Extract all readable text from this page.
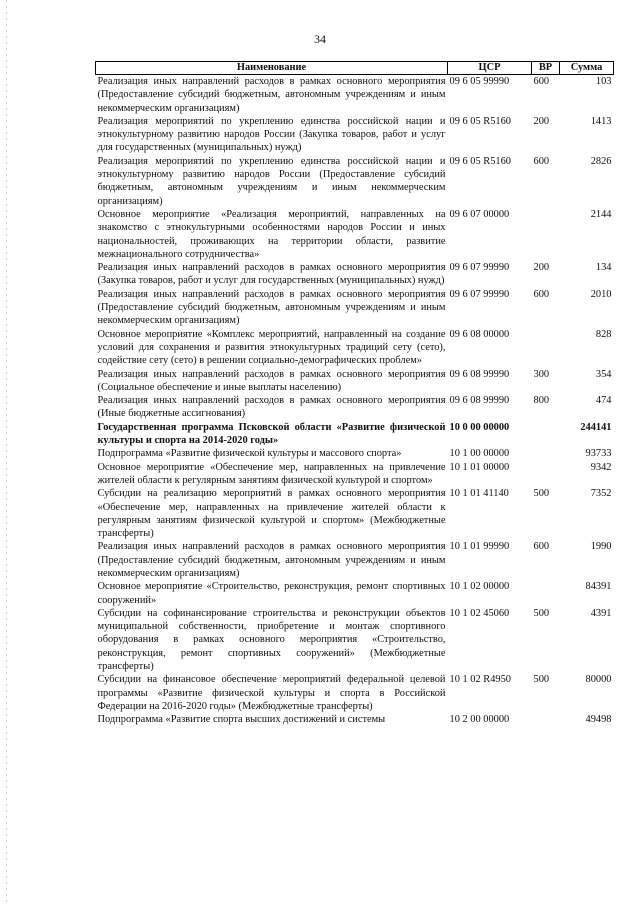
34
Наименование	ЦСР	ВР	Сумма
Реализация иных направлений расходов в рамках основного мероприятия (Предоставление субсидий бюджетным, автономным учреждениям и иным некоммерческим организациям)	09 6 05 99990	600	103
Реализация мероприятий по укреплению единства российской нации и этнокультурному развитию народов России (Закупка товаров, работ и услуг для государственных (муниципальных) нужд)	09 6 05 R5160	200	1413
Реализация мероприятий по укреплению единства российской нации и этнокультурному развитию народов России (Предоставление субсидий бюджетным, автономным учреждениям и иным некоммерческим организациям)	09 6 05 R5160	600	2826
Основное мероприятие «Реализация мероприятий, направленных на знакомство с этнокультурными особенностями народов России и иных национальностей, проживающих на территории области, развитие межнационального сотрудничества»	09 6 07 00000		2144
Реализация иных направлений расходов в рамках основного мероприятия (Закупка товаров, работ и услуг для государственных (муниципальных) нужд)	09 6 07 99990	200	134
Реализация иных направлений расходов в рамках основного мероприятия (Предоставление субсидий бюджетным, автономным учреждениям и иным некоммерческим организациям)	09 6 07 99990	600	2010
Основное мероприятие «Комплекс мероприятий, направленный на создание условий для сохранения и развития этнокультурных традиций сету (сето), содействие сету (сето) в решении социально-демографических проблем»	09 6 08 00000		828
Реализация иных направлений расходов в рамках основного мероприятия (Социальное обеспечение и иные выплаты населению)	09 6 08 99990	300	354
Реализация иных направлений расходов в рамках основного мероприятия (Иные бюджетные ассигнования)	09 6 08 99990	800	474
Государственная программа Псковской области «Развитие физической культуры и спорта на 2014-2020 годы»	10 0 00 00000		244141
Подпрограмма «Развитие физической культуры и массового спорта»	10 1 00 00000		93733
Основное мероприятие «Обеспечение мер, направленных на привлечение жителей области к регулярным занятиям физической культурой и спортом»	10 1 01 00000		9342
Субсидии на реализацию мероприятий в рамках основного мероприятия «Обеспечение мер, направленных на привлечение жителей области к регулярным занятиям физической культурой и спортом» (Межбюджетные трансферты)	10 1 01 41140	500	7352
Реализация иных направлений расходов в рамках основного мероприятия (Предоставление субсидий бюджетным, автономным учреждениям и иным некоммерческим организациям)	10 1 01 99990	600	1990
Основное мероприятие «Строительство, реконструкция, ремонт спортивных сооружений»	10 1 02 00000		84391
Субсидии на софинансирование строительства и реконструкции объектов муниципальной собственности, приобретение и монтаж спортивного оборудования в рамках основного мероприятия «Строительство, реконструкция, ремонт спортивных сооружений» (Межбюджетные трансферты)	10 1 02 45060	500	4391
Субсидии на финансовое обеспечение мероприятий федеральной целевой программы «Развитие физической культуры и спорта в Российской Федерации на 2016-2020 годы» (Межбюджетные трансферты)	10 1 02 R4950	500	80000
Подпрограмма «Развитие спорта высших достижений и системы	10 2 00 00000		49498
